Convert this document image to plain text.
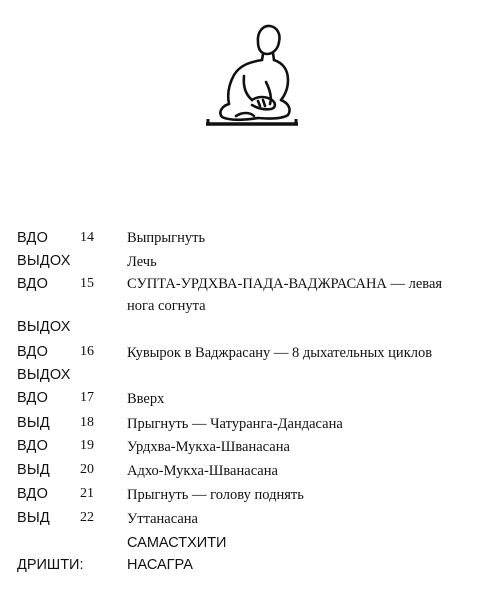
ВДО 14 Выпрыгнуть
ВЫДОХ	Лечь
ВДО 15 СУПТА-УРДХВА-ПАДА-ВАДЖРАСАНА — левая нога согнута
ВЫДОХ
ВДО 16 Кувырок в Ваджрасану — 8 дыхательных циклов
ВЫДОХ
ВДО 17 Вверх
ВЫД 18 Прыгнуть — Чатуранга-Дандасана
ВДО 19 Урдхва-Мукха-Шванасана
ВЫД 20 Адхо-Мукха-Шванасана
ВДО 21 Прыгнуть — голову поднять
ВЫД 22 Уттанасана
САМАСТХИТИ
ДРИШТИ:	НАСАГРА
